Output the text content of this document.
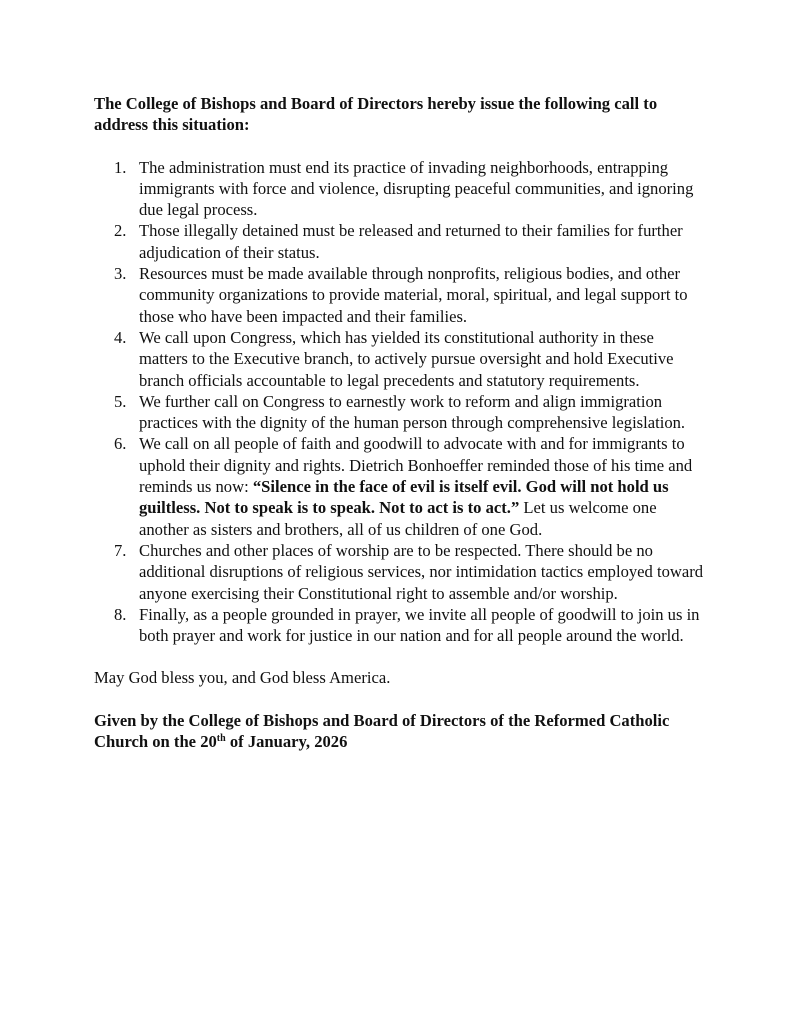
The College of Bishops and Board of Directors hereby issue the following call to address this situation:

1. The administration must end its practice of invading neighborhoods, entrapping immigrants with force and violence, disrupting peaceful communities, and ignoring due legal process.
2. Those illegally detained must be released and returned to their families for further adjudication of their status.
3. Resources must be made available through nonprofits, religious bodies, and other community organizations to provide material, moral, spiritual, and legal support to those who have been impacted and their families.
4. We call upon Congress, which has yielded its constitutional authority in these matters to the Executive branch, to actively pursue oversight and hold Executive branch officials accountable to legal precedents and statutory requirements.
5. We further call on Congress to earnestly work to reform and align immigration practices with the dignity of the human person through comprehensive legislation.
6. We call on all people of faith and goodwill to advocate with and for immigrants to uphold their dignity and rights. Dietrich Bonhoeffer reminded those of his time and reminds us now: “Silence in the face of evil is itself evil. God will not hold us guiltless. Not to speak is to speak. Not to act is to act.” Let us welcome one another as sisters and brothers, all of us children of one God.
7. Churches and other places of worship are to be respected. There should be no additional disruptions of religious services, nor intimidation tactics employed toward anyone exercising their Constitutional right to assemble and/or worship.
8. Finally, as a people grounded in prayer, we invite all people of goodwill to join us in both prayer and work for justice in our nation and for all people around the world.

May God bless you, and God bless America.

Given by the College of Bishops and Board of Directors of the Reformed Catholic Church on the 20th of January, 2026
